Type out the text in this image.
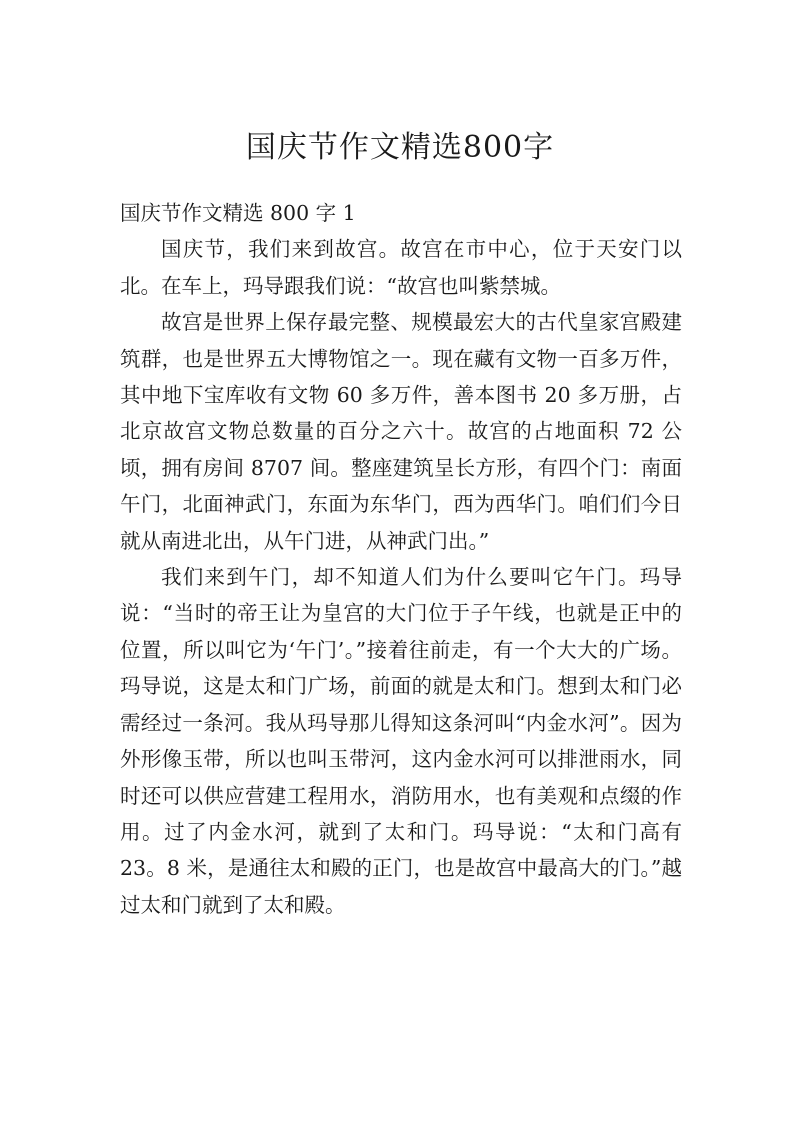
国庆节作文精选800字

国庆节作文精选 800 字 1

国庆节，我们来到故宫。故宫在市中心，位于天安门以北。在车上，玛导跟我们说：“故宫也叫紫禁城。

故宫是世界上保存最完整、规模最宏大的古代皇家宫殿建筑群，也是世界五大博物馆之一。现在藏有文物一百多万件，其中地下宝库收有文物 60 多万件，善本图书 20 多万册，占北京故宫文物总数量的百分之六十。故宫的占地面积 72 公顷，拥有房间 8707 间。整座建筑呈长方形，有四个门：南面午门，北面神武门，东面为东华门，西为西华门。咱们们今日就从南进北出，从午门进，从神武门出。”

我们来到午门，却不知道人们为什么要叫它午门。玛导说：“当时的帝王让为皇宫的大门位于子午线，也就是正中的位置，所以叫它为‘午门’。”接着往前走，有一个大大的广场。玛导说，这是太和门广场，前面的就是太和门。想到太和门必需经过一条河。我从玛导那儿得知这条河叫“内金水河”。因为外形像玉带，所以也叫玉带河，这内金水河可以排泄雨水，同时还可以供应营建工程用水，消防用水，也有美观和点缀的作用。过了内金水河，就到了太和门。玛导说：“太和门高有 23。8 米，是通往太和殿的正门，也是故宫中最高大的门。”越过太和门就到了太和殿。
